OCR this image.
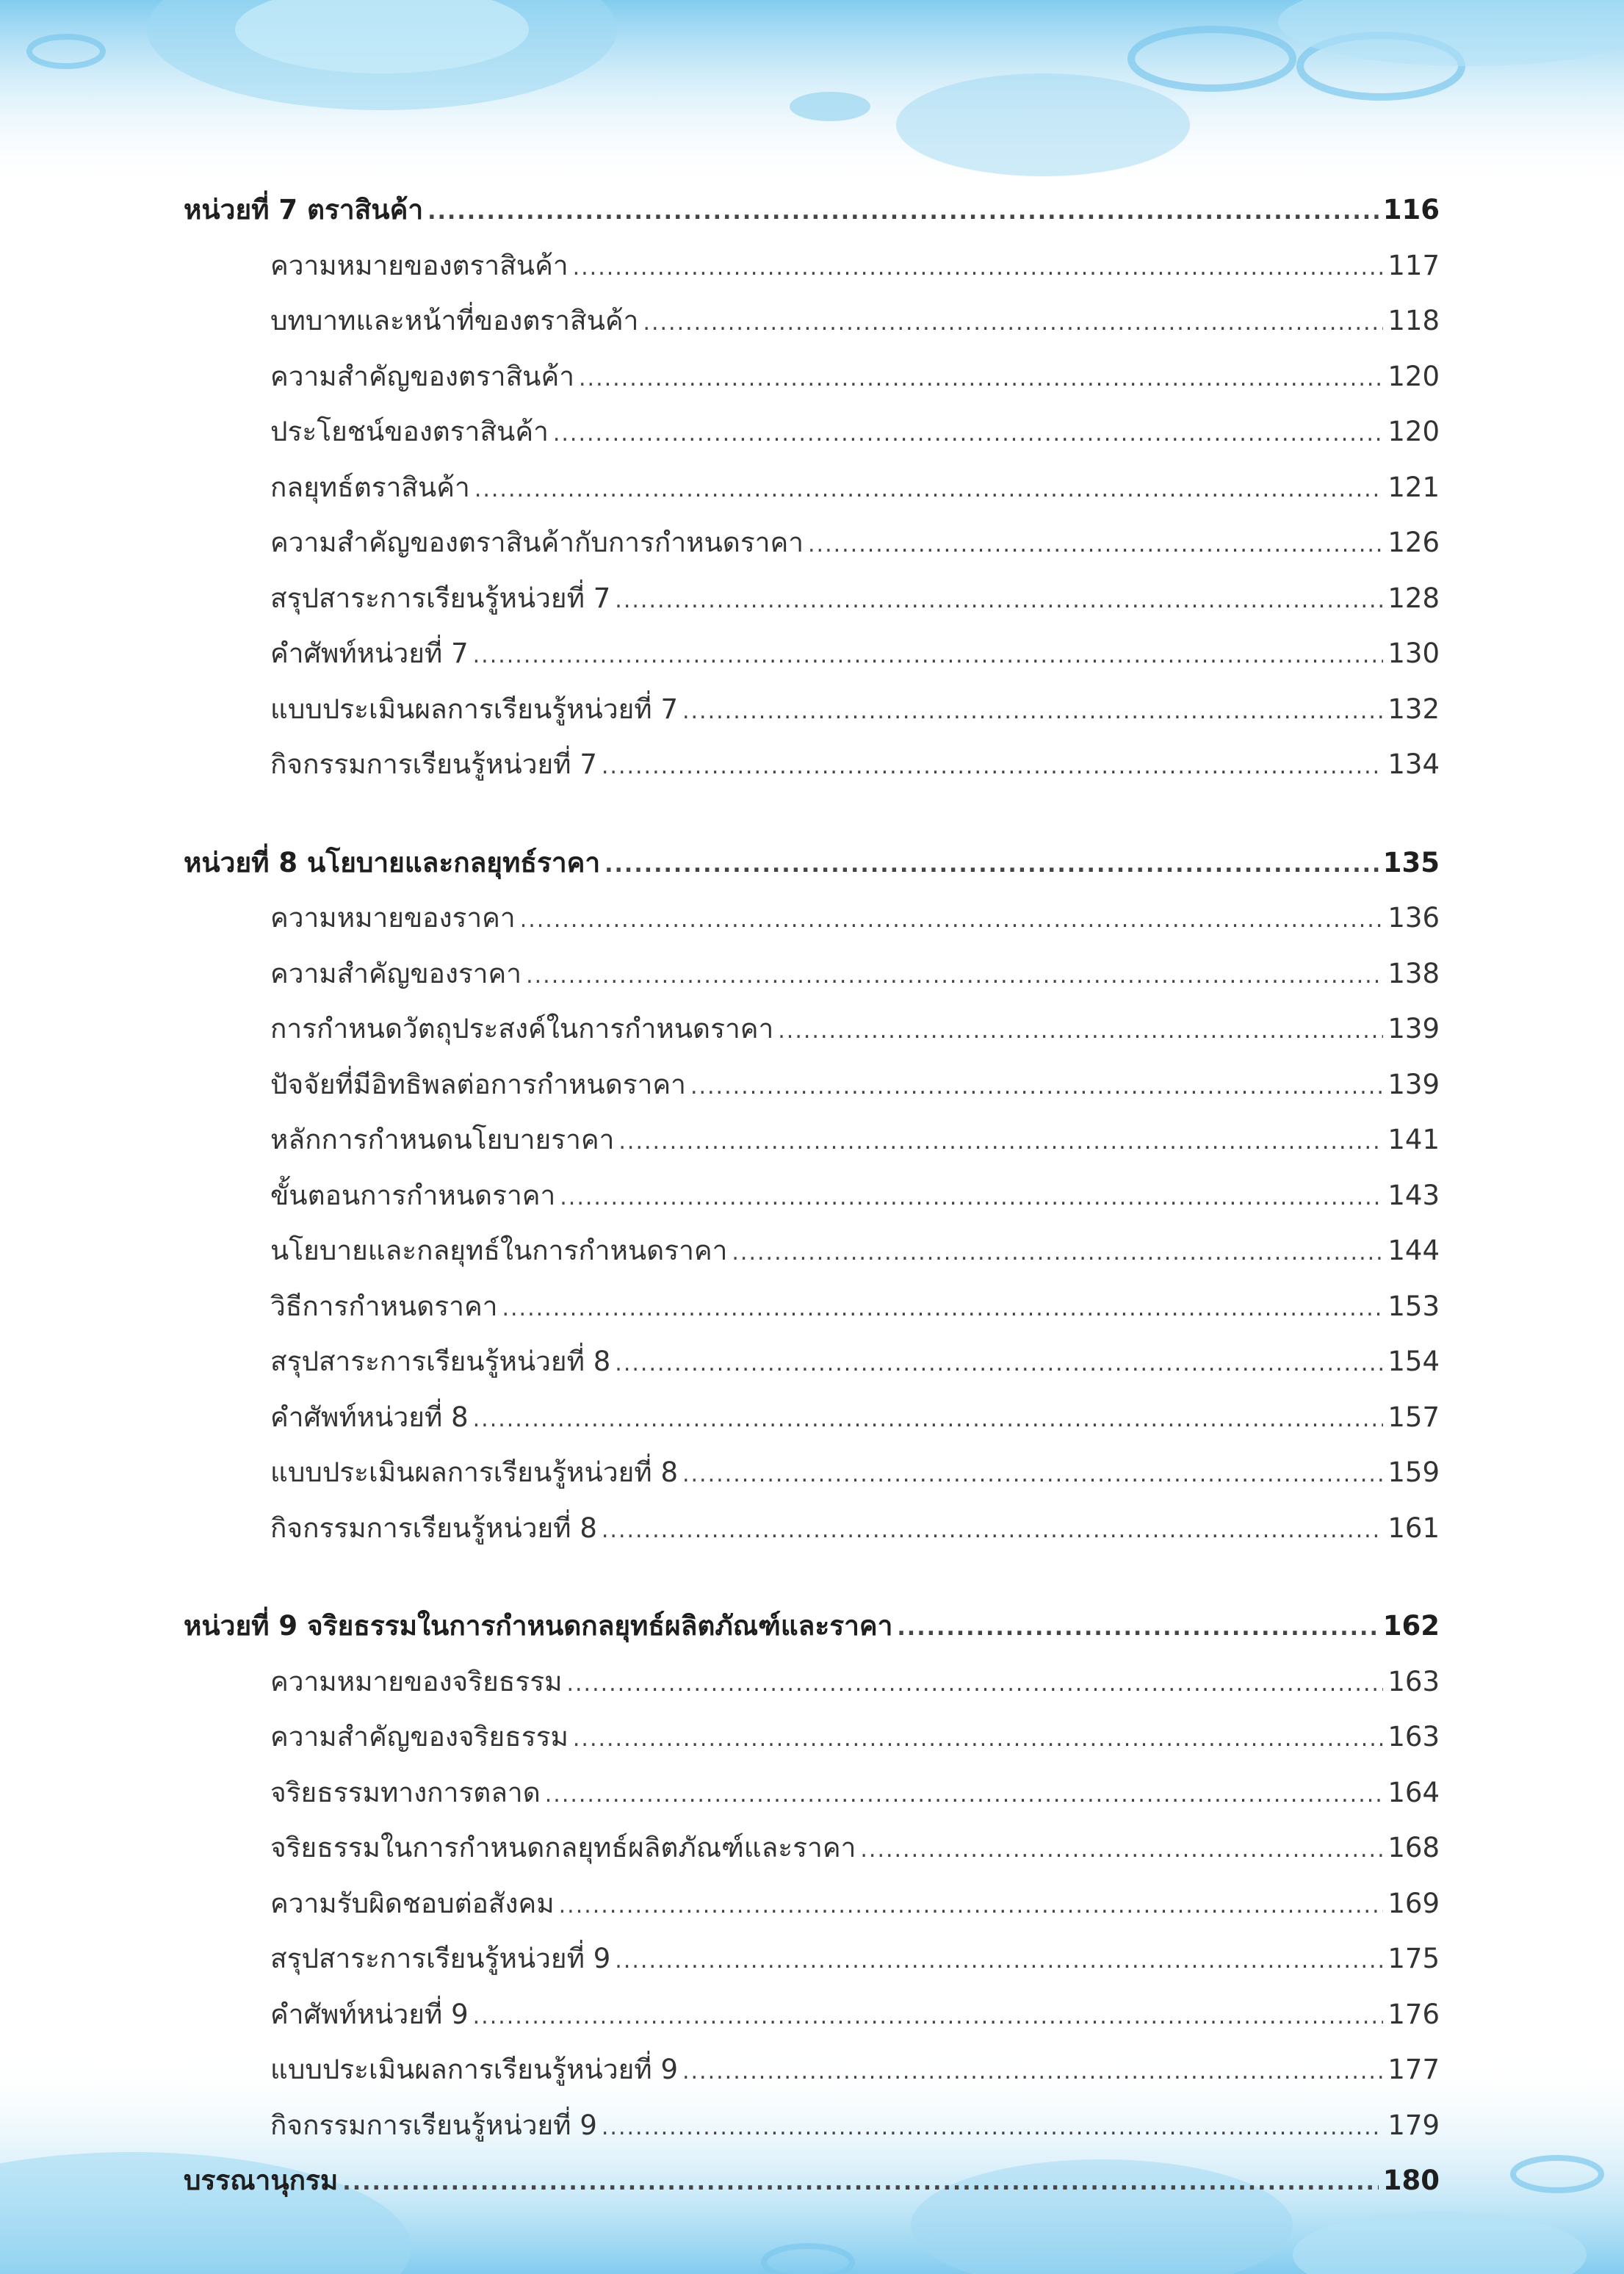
หน่วยที่ 7 ตราสินค้า .....	116
ความหมายของตราสินค้า .....	117
บทบาทและหน้าที่ของตราสินค้า .....	118
ความสำคัญของตราสินค้า .....	120
ประโยชน์ของตราสินค้า .....	120
กลยุทธ์ตราสินค้า .....	121
ความสำคัญของตราสินค้ากับการกำหนดราคา .....	126
สรุปสาระการเรียนรู้หน่วยที่ 7 .....	128
คำศัพท์หน่วยที่ 7 .....	130
แบบประเมินผลการเรียนรู้หน่วยที่ 7 .....	132
กิจกรรมการเรียนรู้หน่วยที่ 7 .....	134
หน่วยที่ 8 นโยบายและกลยุทธ์ราคา .....	135
ความหมายของราคา .....	136
ความสำคัญของราคา .....	138
การกำหนดวัตถุประสงค์ในการกำหนดราคา .....	139
ปัจจัยที่มีอิทธิพลต่อการกำหนดราคา .....	139
หลักการกำหนดนโยบายราคา .....	141
ขั้นตอนการกำหนดราคา .....	143
นโยบายและกลยุทธ์ในการกำหนดราคา .....	144
วิธีการกำหนดราคา .....	153
สรุปสาระการเรียนรู้หน่วยที่ 8 .....	154
คำศัพท์หน่วยที่ 8 .....	157
แบบประเมินผลการเรียนรู้หน่วยที่ 8 .....	159
กิจกรรมการเรียนรู้หน่วยที่ 8 .....	161
หน่วยที่ 9 จริยธรรมในการกำหนดกลยุทธ์ผลิตภัณฑ์และราคา .....	162
ความหมายของจริยธรรม .....	163
ความสำคัญของจริยธรรม .....	163
จริยธรรมทางการตลาด .....	164
จริยธรรมในการกำหนดกลยุทธ์ผลิตภัณฑ์และราคา .....	168
ความรับผิดชอบต่อสังคม .....	169
สรุปสาระการเรียนรู้หน่วยที่ 9 .....	175
คำศัพท์หน่วยที่ 9 .....	176
แบบประเมินผลการเรียนรู้หน่วยที่ 9 .....	177
กิจกรรมการเรียนรู้หน่วยที่ 9 .....	179
บรรณานุกรม .....	180
